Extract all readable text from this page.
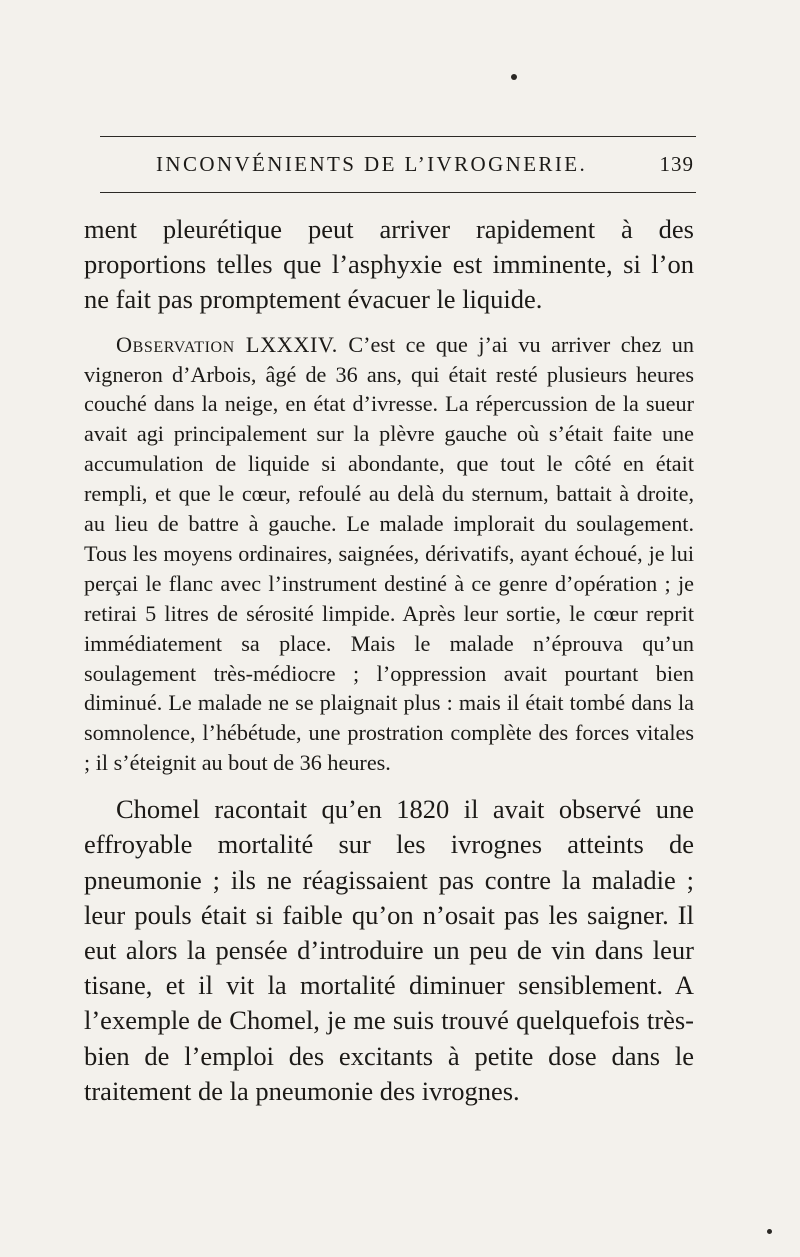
INCONVÉNIENTS DE L’IVROGNERIE.	139

ment pleurétique peut arriver rapidement à des proportions telles que l’asphyxie est imminente, si l’on ne fait pas promptement évacuer le liquide.

Observation LXXXIV. C’est ce que j’ai vu arriver chez un vigneron d’Arbois, âgé de 36 ans, qui était resté plusieurs heures couché dans la neige, en état d’ivresse. La répercussion de la sueur avait agi principalement sur la plèvre gauche où s’était faite une accumulation de liquide si abondante, que tout le côté en était rempli, et que le cœur, refoulé au delà du sternum, battait à droite, au lieu de battre à gauche. Le malade implorait du soulagement. Tous les moyens ordinaires, saignées, dérivatifs, ayant échoué, je lui perçai le flanc avec l’instrument destiné à ce genre d’opération ; je retirai 5 litres de sérosité limpide. Après leur sortie, le cœur reprit immédiatement sa place. Mais le malade n’éprouva qu’un soulagement très-médiocre ; l’oppression avait pourtant bien diminué. Le malade ne se plaignait plus : mais il était tombé dans la somnolence, l’hébétude, une prostration complète des forces vitales ; il s’éteignit au bout de 36 heures.

Chomel racontait qu’en 1820 il avait observé une effroyable mortalité sur les ivrognes atteints de pneumonie ; ils ne réagissaient pas contre la maladie ; leur pouls était si faible qu’on n’osait pas les saigner. Il eut alors la pensée d’introduire un peu de vin dans leur tisane, et il vit la mortalité diminuer sensiblement. A l’exemple de Chomel, je me suis trouvé quelquefois très-bien de l’emploi des excitants à petite dose dans le traitement de la pneumonie des ivrognes.
